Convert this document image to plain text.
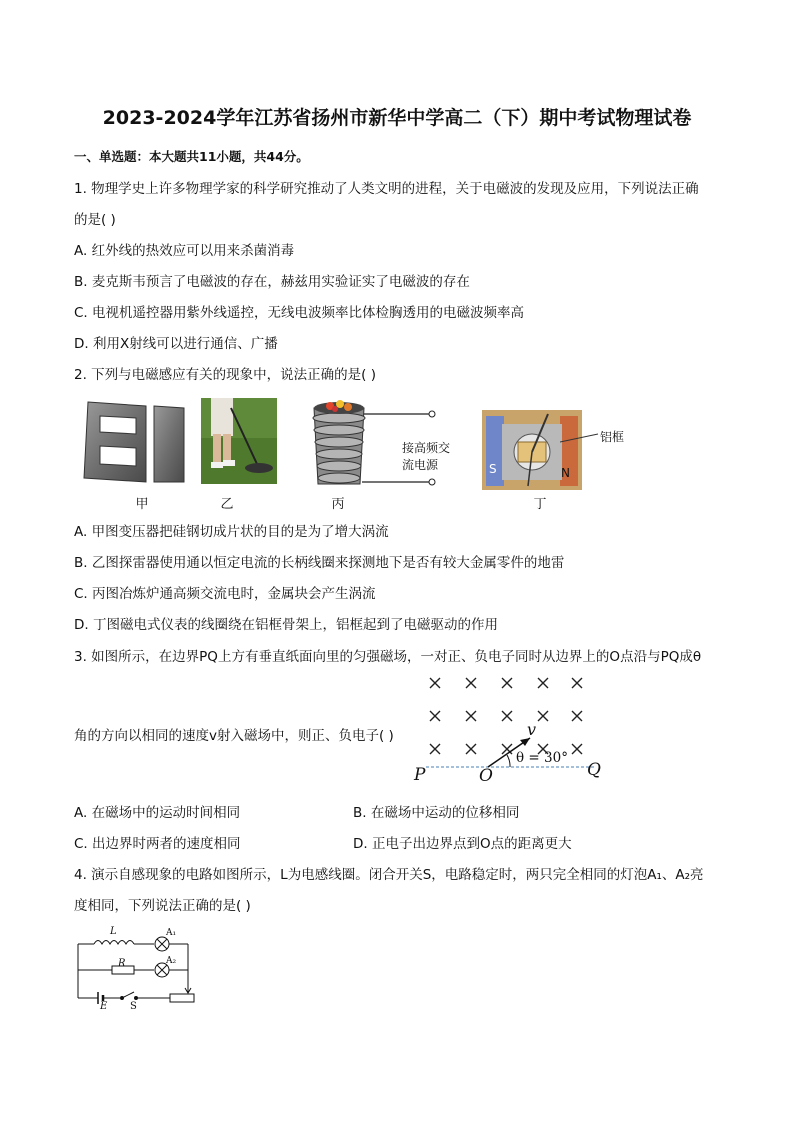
2023-2024学年江苏省扬州市新华中学高二（下）期中考试物理试卷
一、单选题：本大题共11小题，共44分。
1. 物理学史上许多物理学家的科学研究推动了人类文明的进程，关于电磁波的发现及应用，下列说法正确
的是( )
A. 红外线的热效应可以用来杀菌消毒
B. 麦克斯韦预言了电磁波的存在，赫兹用实验证实了电磁波的存在
C. 电视机遥控器用紫外线遥控，无线电波频率比体检胸透用的电磁波频率高
D. 利用X射线可以进行通信、广播
2. 下列与电磁感应有关的现象中，说法正确的是( )
甲	乙
接高频交
流电源
丙
S	N
铝框
丁
A. 甲图变压器把硅钢切成片状的目的是为了增大涡流
B. 乙图探雷器使用通以恒定电流的长柄线圈来探测地下是否有较大金属零件的地雷
C. 丙图冶炼炉通高频交流电时，金属块会产生涡流
D. 丁图磁电式仪表的线圈绕在铝框骨架上，铝框起到了电磁驱动的作用
3. 如图所示，在边界PQ上方有垂直纸面向里的匀强磁场，一对正、负电子同时从边界上的O点沿与PQ成θ
角的方向以相同的速度v射入磁场中，则正、负电子( )	v
θ = 30°
P	O	Q
A. 在磁场中的运动时间相同	B. 在磁场中运动的位移相同
C. 出边界时两者的速度相同	D. 正电子出边界点到O点的距离更大
4. 演示自感现象的电路如图所示，L为电感线圈。闭合开关S，电路稳定时，两只完全相同的灯泡A₁、A₂亮
度相同，下列说法正确的是( )
L
R
A₁
A₂
E S
